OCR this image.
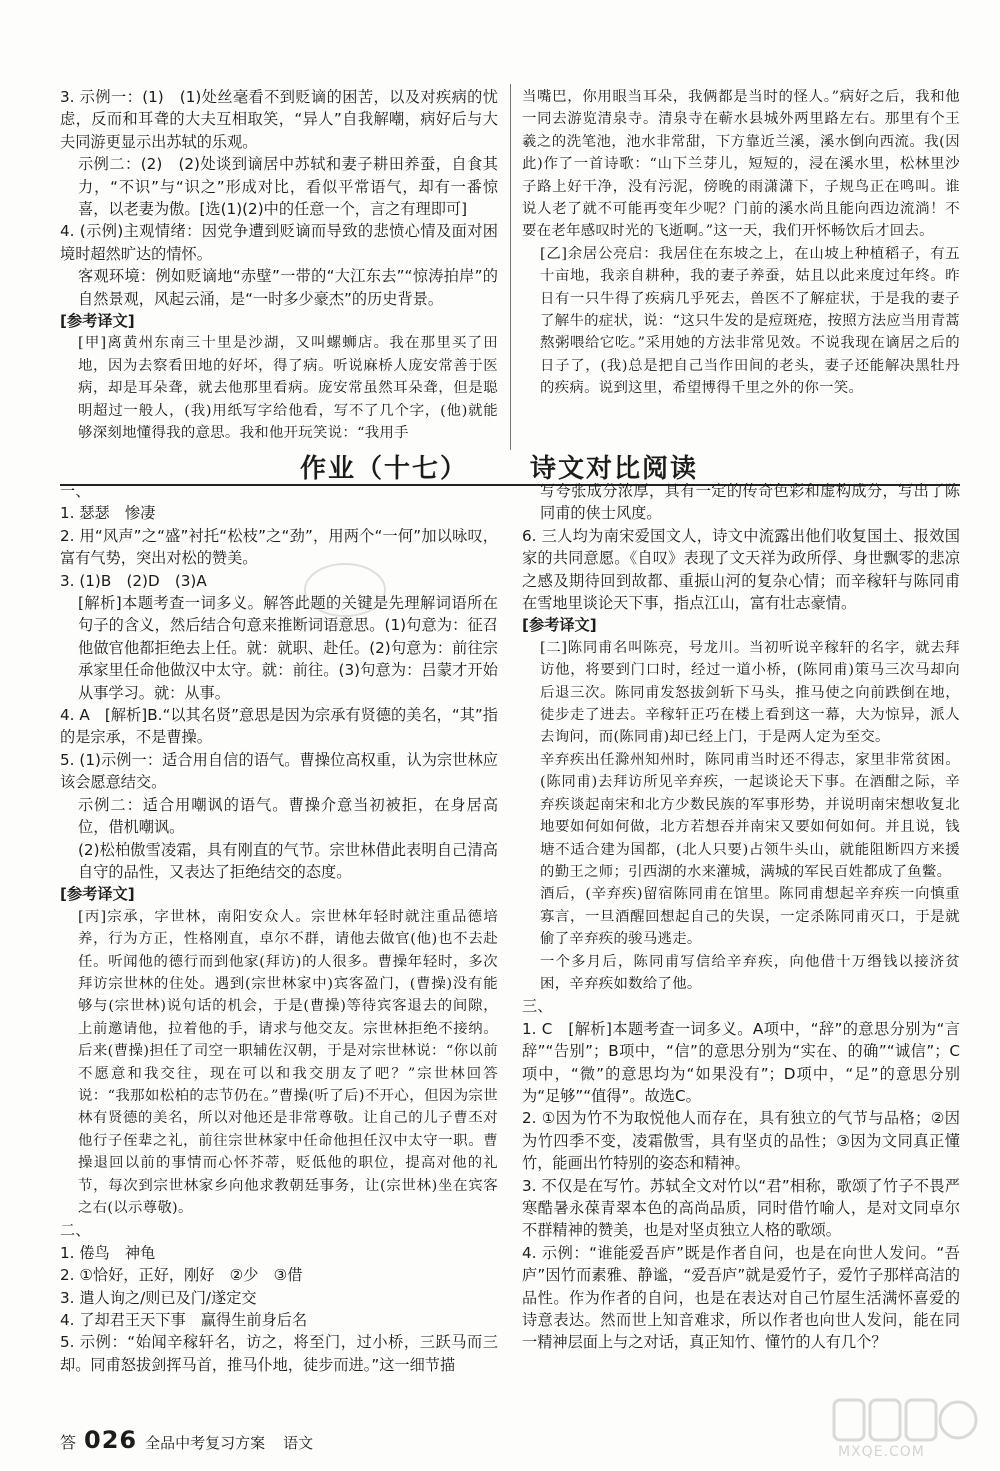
3. 示例一：(1)　(1)处丝毫看不到贬谪的困苦，以及对疾病的忧虑，反而和耳聋的大夫互相取笑，“异人”自我解嘲，病好后与大夫同游更显示出苏轼的乐观。
示例二：(2)　(2)处谈到谪居中苏轼和妻子耕田养蚕，自食其力，“不识”与“识之”形成对比，看似平常语气，却有一番惊喜，以老妻为傲。[选(1)(2)中的任意一个，言之有理即可]
4. (示例)主观情绪：因党争遭到贬谪而导致的悲愤心情及面对困境时超然旷达的情怀。
客观环境：例如贬谪地“赤壁”一带的“大江东去”“惊涛拍岸”的自然景观，风起云涌，是“一时多少豪杰”的历史背景。
[参考译文]
[甲]离黄州东南三十里是沙湖，又叫螺蛳店。我在那里买了田地，因为去察看田地的好坏，得了病。听说麻桥人庞安常善于医病，却是耳朵聋，就去他那里看病。庞安常虽然耳朵聋，但是聪明超过一般人，(我)用纸写字给他看，写不了几个字，(他)就能够深刻地懂得我的意思。我和他开玩笑说：“我用手
当嘴巴，你用眼当耳朵，我俩都是当时的怪人。”病好之后，我和他一同去游览清泉寺。清泉寺在蕲水县城外两里路左右。那里有个王羲之的洗笔池，池水非常甜，下方靠近兰溪，溪水倒向西流。我(因此)作了一首诗歌：“山下兰芽儿，短短的，浸在溪水里，松林里沙子路上好干净，没有污泥，傍晚的雨潇潇下，子规鸟正在鸣叫。谁说人老了就不可能再变年少呢？门前的溪水尚且能向西边流淌！不要在老年感叹时光的飞逝啊。”这一天，我们开怀畅饮后才回去。
[乙]余居公亮启：我居住在东坡之上，在山坡上种植稻子，有五十亩地，我亲自耕种，我的妻子养蚕，姑且以此来度过年终。昨日有一只牛得了疾病几乎死去，兽医不了解症状，于是我的妻子了解牛的症状，说：“这只牛发的是痘斑疮，按照方法应当用青蒿熬粥喂给它吃。”采用她的方法非常见效。不说我现在谪居之后的日子了，(我)总是把自己当作田间的老头，妻子还能解决黑牡丹的疾病。说到这里，希望博得千里之外的你一笑。
作业（十七） 诗文对比阅读
一、
1. 瑟瑟　惨凄
2. 用“风声”之“盛”衬托“松枝”之“劲”，用两个“一何”加以咏叹，富有气势，突出对松的赞美。
3. (1)B　(2)D　(3)A
[解析]本题考查一词多义。解答此题的关键是先理解词语所在句子的含义，然后结合句意来推断词语意思。(1)句意为：征召他做官他都拒绝去上任。就：就职、赴任。(2)句意为：前往宗承家里任命他做汉中太守。就：前往。(3)句意为：吕蒙才开始从事学习。就：从事。
4. A　[解析]B.“以其名贤”意思是因为宗承有贤德的美名，“其”指的是宗承，不是曹操。
5. (1)示例一：适合用自信的语气。曹操位高权重，认为宗世林应该会愿意结交。
示例二：适合用嘲讽的语气。曹操介意当初被拒，在身居高位，借机嘲讽。
(2)松柏傲雪凌霜，具有刚直的气节。宗世林借此表明自己清高自守的品性，又表达了拒绝结交的态度。
[参考译文]
[丙]宗承，字世林，南阳安众人。宗世林年轻时就注重品德培养，行为方正，性格刚直，卓尔不群，请他去做官(他)也不去赴任。听闻他的德行而到他家(拜访)的人很多。曹操年轻时，多次拜访宗世林的住处。遇到(宗世林家中)宾客盈门，(曹操)没有能够与(宗世林)说句话的机会，于是(曹操)等待宾客退去的间隙，上前邀请他，拉着他的手，请求与他交友。宗世林拒绝不接纳。后来(曹操)担任了司空一职辅佐汉朝，于是对宗世林说：“你以前不愿意和我交往，现在可以和我交朋友了吧？”宗世林回答说：“我那如松柏的志节仍在。”曹操(听了后)不开心，但因为宗世林有贤德的美名，所以对他还是非常尊敬。让自己的儿子曹丕对他行子侄辈之礼，前往宗世林家中任命他担任汉中太守一职。曹操退回以前的事情而心怀芥蒂，贬低他的职位，提高对他的礼节，每次到宗世林家乡向他求教朝廷事务，让(宗世林)坐在宾客之右(以示尊敬)。
二、
1. 倦鸟　神龟
2. ①恰好，正好，刚好　②少　③借
3. 遣人询之/则已及门/遂定交
4. 了却君王天下事　赢得生前身后名
5. 示例：“始闻辛稼轩名，访之，将至门，过小桥，三跃马而三却。同甫怒拔剑挥马首，推马仆地，徒步而进。”这一细节描
写夸张成分浓厚，具有一定的传奇色彩和虚构成分，写出了陈同甫的侠士风度。
6. 三人均为南宋爱国文人，诗文中流露出他们收复国土、报效国家的共同意愿。《自叹》表现了文天祥为政所俘、身世飘零的悲凉之感及期待回到故都、重振山河的复杂心情；而辛稼轩与陈同甫在雪地里谈论天下事，指点江山，富有壮志豪情。
[参考译文]
[二]陈同甫名叫陈亮，号龙川。当初听说辛稼轩的名字，就去拜访他，将要到门口时，经过一道小桥，(陈同甫)策马三次马却向后退三次。陈同甫发怒拔剑斩下马头，推马使之向前跌倒在地，徒步走了进去。辛稼轩正巧在楼上看到这一幕，大为惊异，派人去询问，而(陈同甫)却已经上门，于是两人定为至交。
辛弃疾出任滁州知州时，陈同甫当时还不得志，家里非常贫困。(陈同甫)去拜访所见辛弃疾，一起谈论天下事。在酒酣之际，辛弃疾谈起南宋和北方少数民族的军事形势，并说明南宋想收复北地要如何如何做，北方若想吞并南宋又要如何如何。并且说，钱塘不适合建为国都，(北人只要)占领牛头山，就能阻断四方来援的勤王之师；引西湖的水来灌城，满城的军民百姓都成了鱼鳖。
酒后，(辛弃疾)留宿陈同甫在馆里。陈同甫想起辛弃疾一向慎重寡言，一旦酒醒回想起自己的失误，一定杀陈同甫灭口，于是就偷了辛弃疾的骏马逃走。
一个多月后，陈同甫写信给辛弃疾，向他借十万缗钱以接济贫困，辛弃疾如数给了他。
三、
1. C　[解析]本题考查一词多义。A项中，“辞”的意思分别为“言辞”“告别”；B项中，“信”的意思分别为“实在、的确”“诚信”；C项中，“微”的意思均为“如果没有”；D项中，“足”的意思分别为“足够”“值得”。故选C。
2. ①因为竹不为取悦他人而存在，具有独立的气节与品格；②因为竹四季不变，凌霜傲雪，具有坚贞的品性；③因为文同真正懂竹，能画出竹特别的姿态和精神。
3. 不仅是在写竹。苏轼全文对竹以“君”相称，歌颂了竹子不畏严寒酷暑永葆青翠本色的高尚品质，同时借竹喻人，是对文同卓尔不群精神的赞美，也是对坚贞独立人格的歌颂。
4. 示例：“谁能爱吾庐”既是作者自问，也是在向世人发问。“吾庐”因竹而素雅、静谧，“爱吾庐”就是爱竹子，爱竹子那样高洁的品性。作为作者的自问，也是在表达对自己竹屋生活满怀喜爱的诗意表达。然而世上知音难求，所以作者也向世人发问，能在同一精神层面上与之对话，真正知竹、懂竹的人有几个？
答 026 全品中考复习方案 语文	MXQE.COM
